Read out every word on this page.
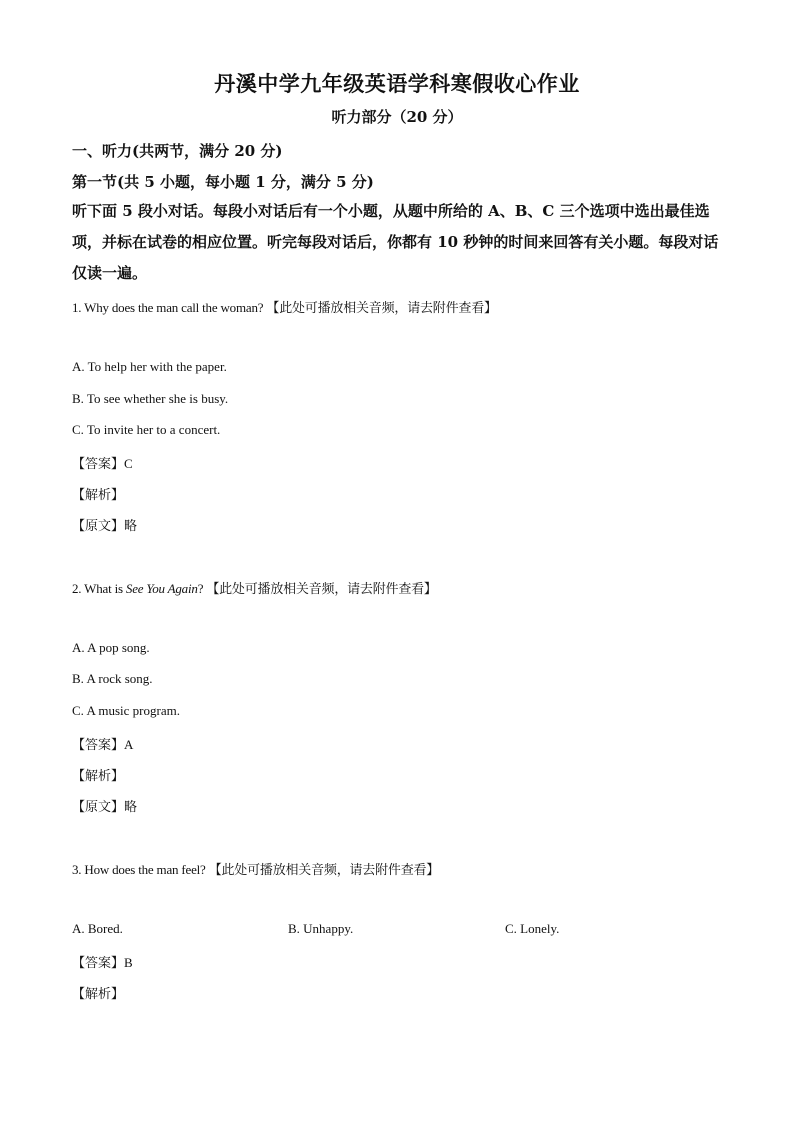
丹溪中学九年级英语学科寒假收心作业
听力部分（20 分）
一、听力(共两节，满分 20 分)
第一节(共 5 小题，每小题 1 分，满分 5 分)
听下面 5 段小对话。每段小对话后有一个小题，从题中所给的 A、B、C 三个选项中选出最佳选项，并标在试卷的相应位置。听完每段对话后，你都有 10 秒钟的时间来回答有关小题。每段对话仅读一遍。
1. Why does the man call the woman? 【此处可播放相关音频，请去附件查看】
A. To help her with the paper.
B. To see whether she is busy.
C. To invite her to a concert.
【答案】C
【解析】
【原文】略
2. What is See You Again? 【此处可播放相关音频，请去附件查看】
A. A pop song.
B. A rock song.
C. A music program.
【答案】A
【解析】
【原文】略
3. How does the man feel? 【此处可播放相关音频，请去附件查看】
A. Bored.	B. Unhappy.	C. Lonely.
【答案】B
【解析】
